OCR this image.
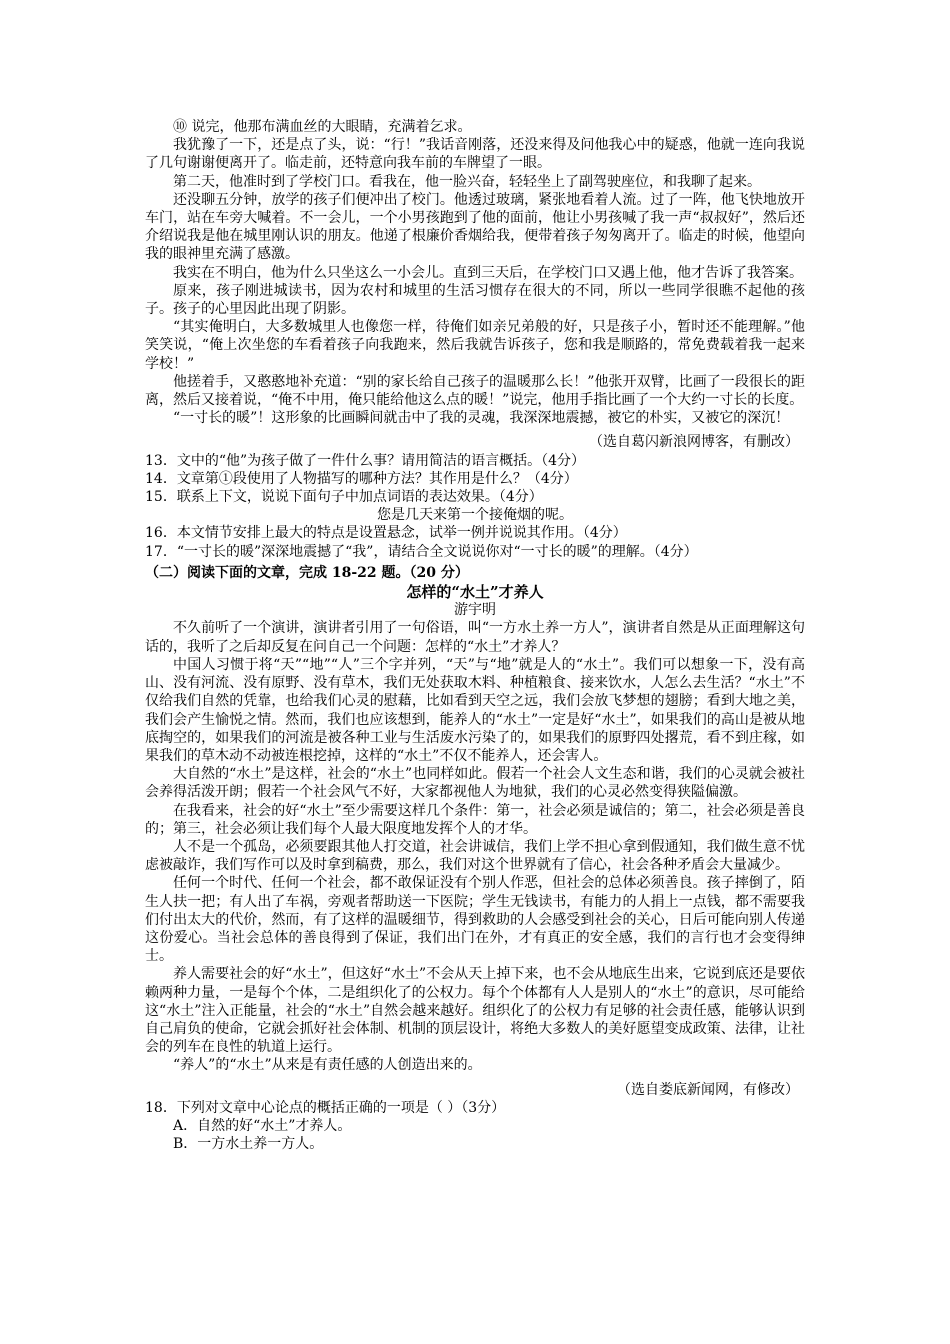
⑩ 说完，他那布满血丝的大眼睛，充满着乞求。

我犹豫了一下，还是点了头，说：“行！”我话音刚落，还没来得及问他我心中的疑惑，他就一连向我说了几句谢谢便离开了。临走前，还特意向我车前的车牌望了一眼。

第二天，他准时到了学校门口。看我在，他一脸兴奋，轻轻坐上了副驾驶座位，和我聊了起来。

还没聊五分钟，放学的孩子们便冲出了校门。他透过玻璃，紧张地看着人流。过了一阵，他飞快地放开车门，站在车旁大喊着。不一会儿，一个小男孩跑到了他的面前，他让小男孩喊了我一声“叔叔好”，然后还介绍说我是他在城里刚认识的朋友。他递了根廉价香烟给我，便带着孩子匆匆离开了。临走的时候，他望向我的眼神里充满了感激。

我实在不明白，他为什么只坐这么一小会儿。直到三天后，在学校门口又遇上他，他才告诉了我答案。

原来，孩子刚进城读书，因为农村和城里的生活习惯存在很大的不同，所以一些同学很瞧不起他的孩子。孩子的心里因此出现了阴影。

“其实俺明白，大多数城里人也像您一样，待俺们如亲兄弟般的好，只是孩子小，暂时还不能理解。”他笑笑说，“俺上次坐您的车看着孩子向我跑来，然后我就告诉孩子，您和我是顺路的，常免费载着我一起来学校！”

他搓着手，又憨憨地补充道：“别的家长给自己孩子的温暖那么长！”他张开双臂，比画了一段很长的距离，然后又接着说，“俺不中用，俺只能给他这么点的暖！”说完，他用手指比画了一个大约一寸长的长度。

“一寸长的暖”！这形象的比画瞬间就击中了我的灵魂，我深深地震撼，被它的朴实，又被它的深沉！

（选自葛闪新浪网博客，有删改）

13．文中的“他”为孩子做了一件什么事？请用简洁的语言概括。（4分）

14．文章第①段使用了人物描写的哪种方法？其作用是什么？（4分）

15．联系上下文，说说下面句子中加点词语的表达效果。（4分）

您是几天来第一个接俺烟的呢。

16．本文情节安排上最大的特点是设置悬念，试举一例并说说其作用。（4分）

17．“一寸长的暖”深深地震撼了“我”，请结合全文说说你对“一寸长的暖”的理解。（4分）

（二）阅读下面的文章，完成 18-22 题。（20 分）

怎样的“水土”才养人

游宇明

不久前听了一个演讲，演讲者引用了一句俗语，叫“一方水土养一方人”，演讲者自然是从正面理解这句话的，我听了之后却反复在问自己一个问题：怎样的“水土”才养人？

中国人习惯于将“天”“地”“人”三个字并列，“天”与“地”就是人的“水土”。我们可以想象一下，没有高山、没有河流、没有原野、没有草木，我们无处获取木料、种植粮食、接来饮水，人怎么去生活？“水土”不仅给我们自然的凭靠，也给我们心灵的慰藉，比如看到天空之远，我们会放飞梦想的翅膀；看到大地之美，我们会产生愉悦之情。然而，我们也应该想到，能养人的“水土”一定是好“水土”，如果我们的高山是被从地底掏空的，如果我们的河流是被各种工业与生活废水污染了的，如果我们的原野四处撂荒，看不到庄稼，如果我们的草木动不动被连根挖掉，这样的“水土”不仅不能养人，还会害人。

大自然的“水土”是这样，社会的“水土”也同样如此。假若一个社会人文生态和谐，我们的心灵就会被社会养得活泼开朗；假若一个社会风气不好，大家都视他人为地狱，我们的心灵必然变得狭隘偏激。

在我看来，社会的好“水土”至少需要这样几个条件：第一，社会必须是诚信的；第二，社会必须是善良的；第三，社会必须让我们每个人最大限度地发挥个人的才华。

人不是一个孤岛，必须要跟其他人打交道，社会讲诚信，我们上学不担心拿到假通知，我们做生意不忧虑被敲诈，我们写作可以及时拿到稿费，那么，我们对这个世界就有了信心，社会各种矛盾会大量减少。

任何一个时代、任何一个社会，都不敢保证没有个别人作恶，但社会的总体必须善良。孩子摔倒了，陌生人扶一把；有人出了车祸，旁观者帮助送一下医院；学生无钱读书，有能力的人捐上一点钱，都不需要我们付出太大的代价，然而，有了这样的温暖细节，得到救助的人会感受到社会的关心，日后可能向别人传递这份爱心。当社会总体的善良得到了保证，我们出门在外，才有真正的安全感，我们的言行也才会变得绅士。

养人需要社会的好“水土”，但这好“水土”不会从天上掉下来，也不会从地底生出来，它说到底还是要依赖两种力量，一是每个个体，二是组织化了的公权力。每个个体都有人人是别人的“水土”的意识，尽可能给这“水土”注入正能量，社会的“水土”自然会越来越好。组织化了的公权力有足够的社会责任感，能够认识到自己肩负的使命，它就会抓好社会体制、机制的顶层设计，将绝大多数人的美好愿望变成政策、法律，让社会的列车在良性的轨道上运行。

“养人”的“水土”从来是有责任感的人创造出来的。

（选自娄底新闻网，有修改）

18．下列对文章中心论点的概括正确的一项是（ ）（3分）

A．自然的好“水土”才养人。

B．一方水土养一方人。
